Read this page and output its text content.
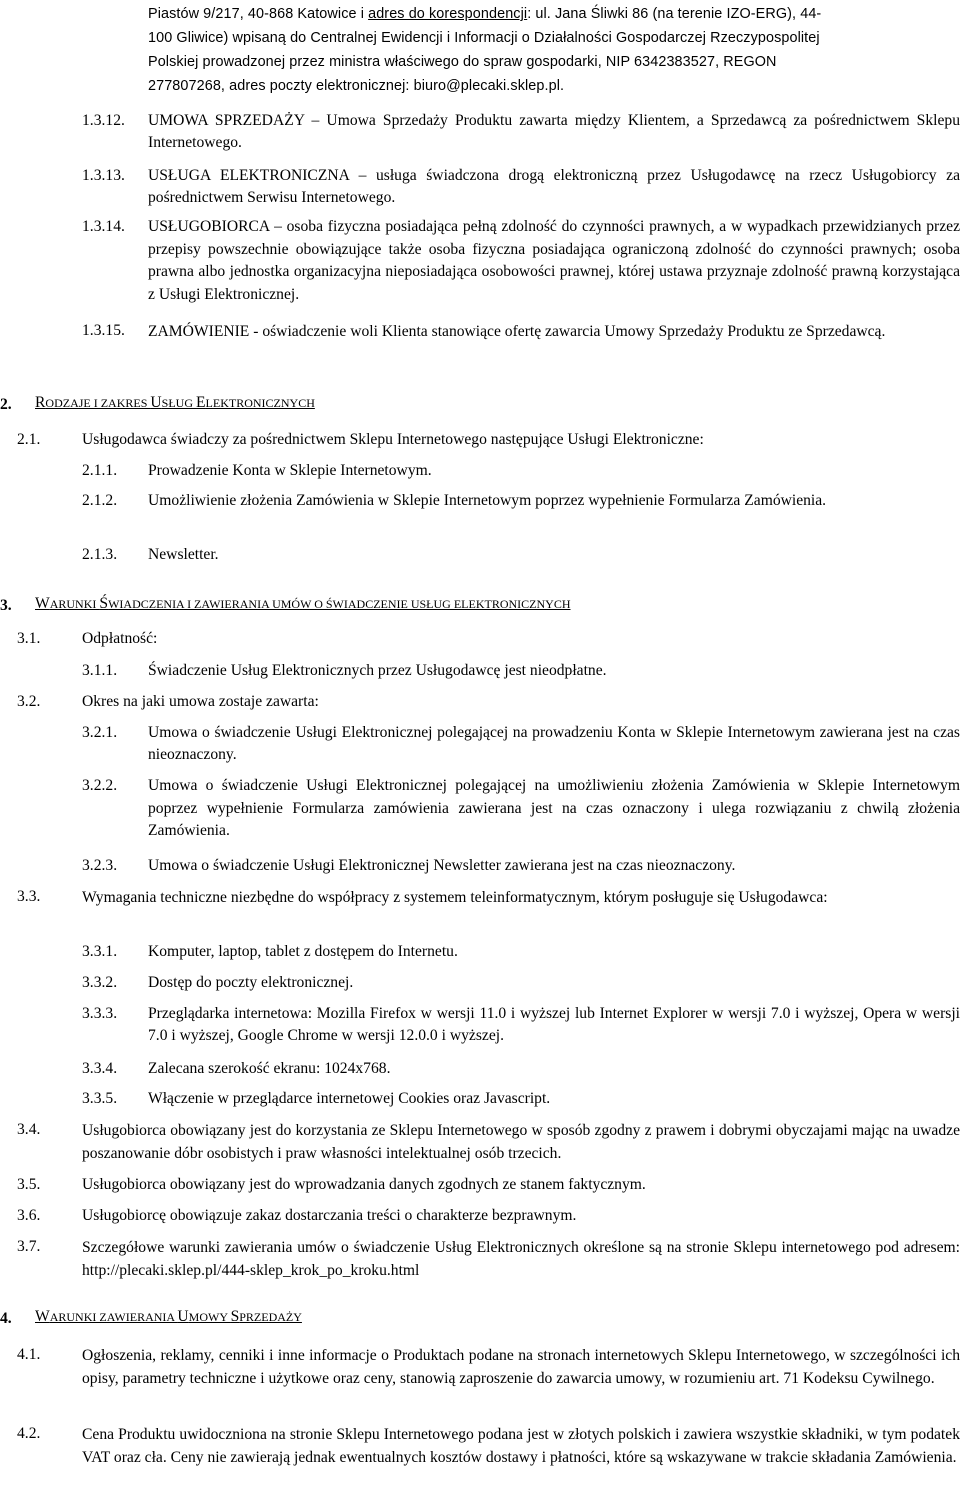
Piastów 9/217, 40-868 Katowice i adres do korespondencji: ul. Jana Śliwki 86 (na terenie IZO-ERG), 44-
100 Gliwice) wpisaną do Centralnej Ewidencji i Informacji o Działalności Gospodarczej Rzeczypospolitej
Polskiej prowadzonej przez ministra właściwego do spraw gospodarki, NIP 6342383527, REGON
277807268, adres poczty elektronicznej: biuro@plecaki.sklep.pl.
1.3.12. UMOWA SPRZEDAŻY – Umowa Sprzedaży Produktu zawarta między Klientem, a Sprzedawcą za pośrednictwem Sklepu Internetowego.
1.3.13. USŁUGA ELEKTRONICZNA – usługa świadczona drogą elektroniczną przez Usługodawcę na rzecz Usługobiorcy za pośrednictwem Serwisu Internetowego.
1.3.14. USŁUGOBIORCA – osoba fizyczna posiadająca pełną zdolność do czynności prawnych, a w wypadkach przewidzianych przez przepisy powszechnie obowiązujące także osoba fizyczna posiadająca ograniczoną zdolność do czynności prawnych; osoba prawna albo jednostka organizacyjna nieposiadająca osobowości prawnej, której ustawa przyznaje zdolność prawną korzystająca z Usługi Elektronicznej.
1.3.15. ZAMÓWIENIE - oświadczenie woli Klienta stanowiące ofertę zawarcia Umowy Sprzedaży Produktu ze Sprzedawcą.
2. RODZAJE I ZAKRES USŁUG ELEKTRONICZNYCH
2.1.	Usługodawca świadczy za pośrednictwem Sklepu Internetowego następujące Usługi Elektroniczne:
2.1.1. Prowadzenie Konta w Sklepie Internetowym.
2.1.2. Umożliwienie złożenia Zamówienia w Sklepie Internetowym poprzez wypełnienie Formularza Zamówienia.
2.1.3. Newsletter.
3. WARUNKI ŚWIADCZENIA I ZAWIERANIA UMÓW O ŚWIADCZENIE USŁUG ELEKTRONICZNYCH
3.1.	Odpłatność:
3.1.1. Świadczenie Usług Elektronicznych przez Usługodawcę jest nieodpłatne.
3.2.	Okres na jaki umowa zostaje zawarta:
3.2.1. Umowa o świadczenie Usługi Elektronicznej polegającej na prowadzeniu Konta w Sklepie Internetowym zawierana jest na czas nieoznaczony.
3.2.2. Umowa o świadczenie Usługi Elektronicznej polegającej na umożliwieniu złożenia Zamówienia w Sklepie Internetowym poprzez wypełnienie Formularza zamówienia zawierana jest na czas oznaczony i ulega rozwiązaniu z chwilą złożenia Zamówienia.
3.2.3. Umowa o świadczenie Usługi Elektronicznej Newsletter zawierana jest na czas nieoznaczony.
3.3.	Wymagania techniczne niezbędne do współpracy z systemem teleinformatycznym, którym posługuje się Usługodawca:
3.3.1. Komputer, laptop, tablet z dostępem do Internetu.
3.3.2. Dostęp do poczty elektronicznej.
3.3.3. Przeglądarka internetowa: Mozilla Firefox w wersji 11.0 i wyższej lub Internet Explorer w wersji 7.0 i wyższej, Opera w wersji 7.0 i wyższej, Google Chrome w wersji 12.0.0 i wyższej.
3.3.4. Zalecana szerokość ekranu: 1024x768.
3.3.5. Włączenie w przeglądarce internetowej Cookies oraz Javascript.
3.4.	Usługobiorca obowiązany jest do korzystania ze Sklepu Internetowego w sposób zgodny z prawem i dobrymi obyczajami mając na uwadze poszanowanie dóbr osobistych i praw własności intelektualnej osób trzecich.
3.5.	Usługobiorca obowiązany jest do wprowadzania danych zgodnych ze stanem faktycznym.
3.6.	Usługobiorcę obowiązuje zakaz dostarczania treści o charakterze bezprawnym.
3.7.	Szczegółowe warunki zawierania umów o świadczenie Usług Elektronicznych określone są na stronie Sklepu internetowego pod adresem: http://plecaki.sklep.pl/444-sklep_krok_po_kroku.html
4. WARUNKI ZAWIERANIA UMOWY SPRZEDAŻY
4.1.	Ogłoszenia, reklamy, cenniki i inne informacje o Produktach podane na stronach internetowych Sklepu Internetowego, w szczególności ich opisy, parametry techniczne i użytkowe oraz ceny, stanowią zaproszenie do zawarcia umowy, w rozumieniu art. 71 Kodeksu Cywilnego.
4.2.	Cena Produktu uwidoczniona na stronie Sklepu Internetowego podana jest w złotych polskich i zawiera wszystkie składniki, w tym podatek VAT oraz cła. Ceny nie zawierają jednak ewentualnych kosztów dostawy i płatności, które są wskazywane w trakcie składania Zamówienia.
